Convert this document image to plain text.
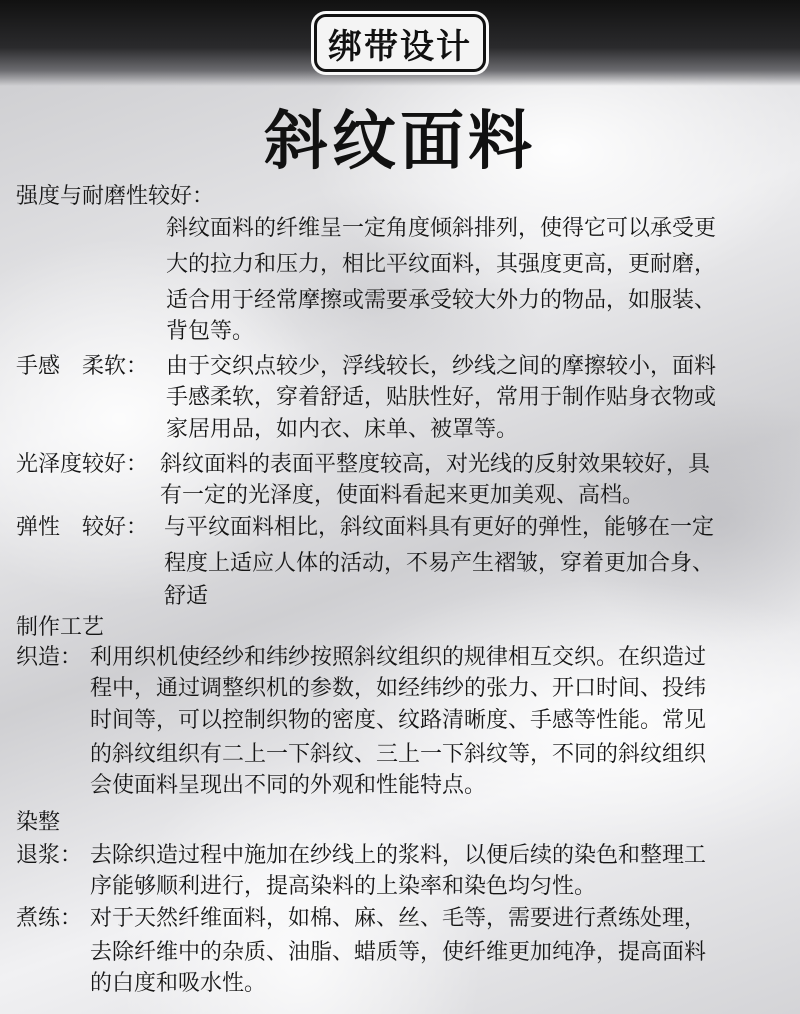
绑带设计
斜纹面料
强度与耐磨性较好：
斜纹面料的纤维呈一定角度倾斜排列，使得它可以承受更
大的拉力和压力，相比平纹面料，其强度更高，更耐磨，
适合用于经常摩擦或需要承受较大外力的物品，如服装、
背包等。
手感　柔软： 由于交织点较少，浮线较长，纱线之间的摩擦较小，面料
手感柔软，穿着舒适，贴肤性好，常用于制作贴身衣物或
家居用品，如内衣、床单、被罩等。
光泽度较好： 斜纹面料的表面平整度较高，对光线的反射效果较好，具
有一定的光泽度，使面料看起来更加美观、高档。
弹性　较好： 与平纹面料相比，斜纹面料具有更好的弹性，能够在一定
程度上适应人体的活动，不易产生褶皱，穿着更加合身、
舒适
制作工艺
织造： 利用织机使经纱和纬纱按照斜纹组织的规律相互交织。在织造过
程中，通过调整织机的参数，如经纬纱的张力、开口时间、投纬
时间等，可以控制织物的密度、纹路清晰度、手感等性能。常见
的斜纹组织有二上一下斜纹、三上一下斜纹等，不同的斜纹组织
会使面料呈现出不同的外观和性能特点。
染整
退浆： 去除织造过程中施加在纱线上的浆料，以便后续的染色和整理工
序能够顺利进行，提高染料的上染率和染色均匀性。
煮练： 对于天然纤维面料，如棉、麻、丝、毛等，需要进行煮练处理，
去除纤维中的杂质、油脂、蜡质等，使纤维更加纯净，提高面料
的白度和吸水性。
